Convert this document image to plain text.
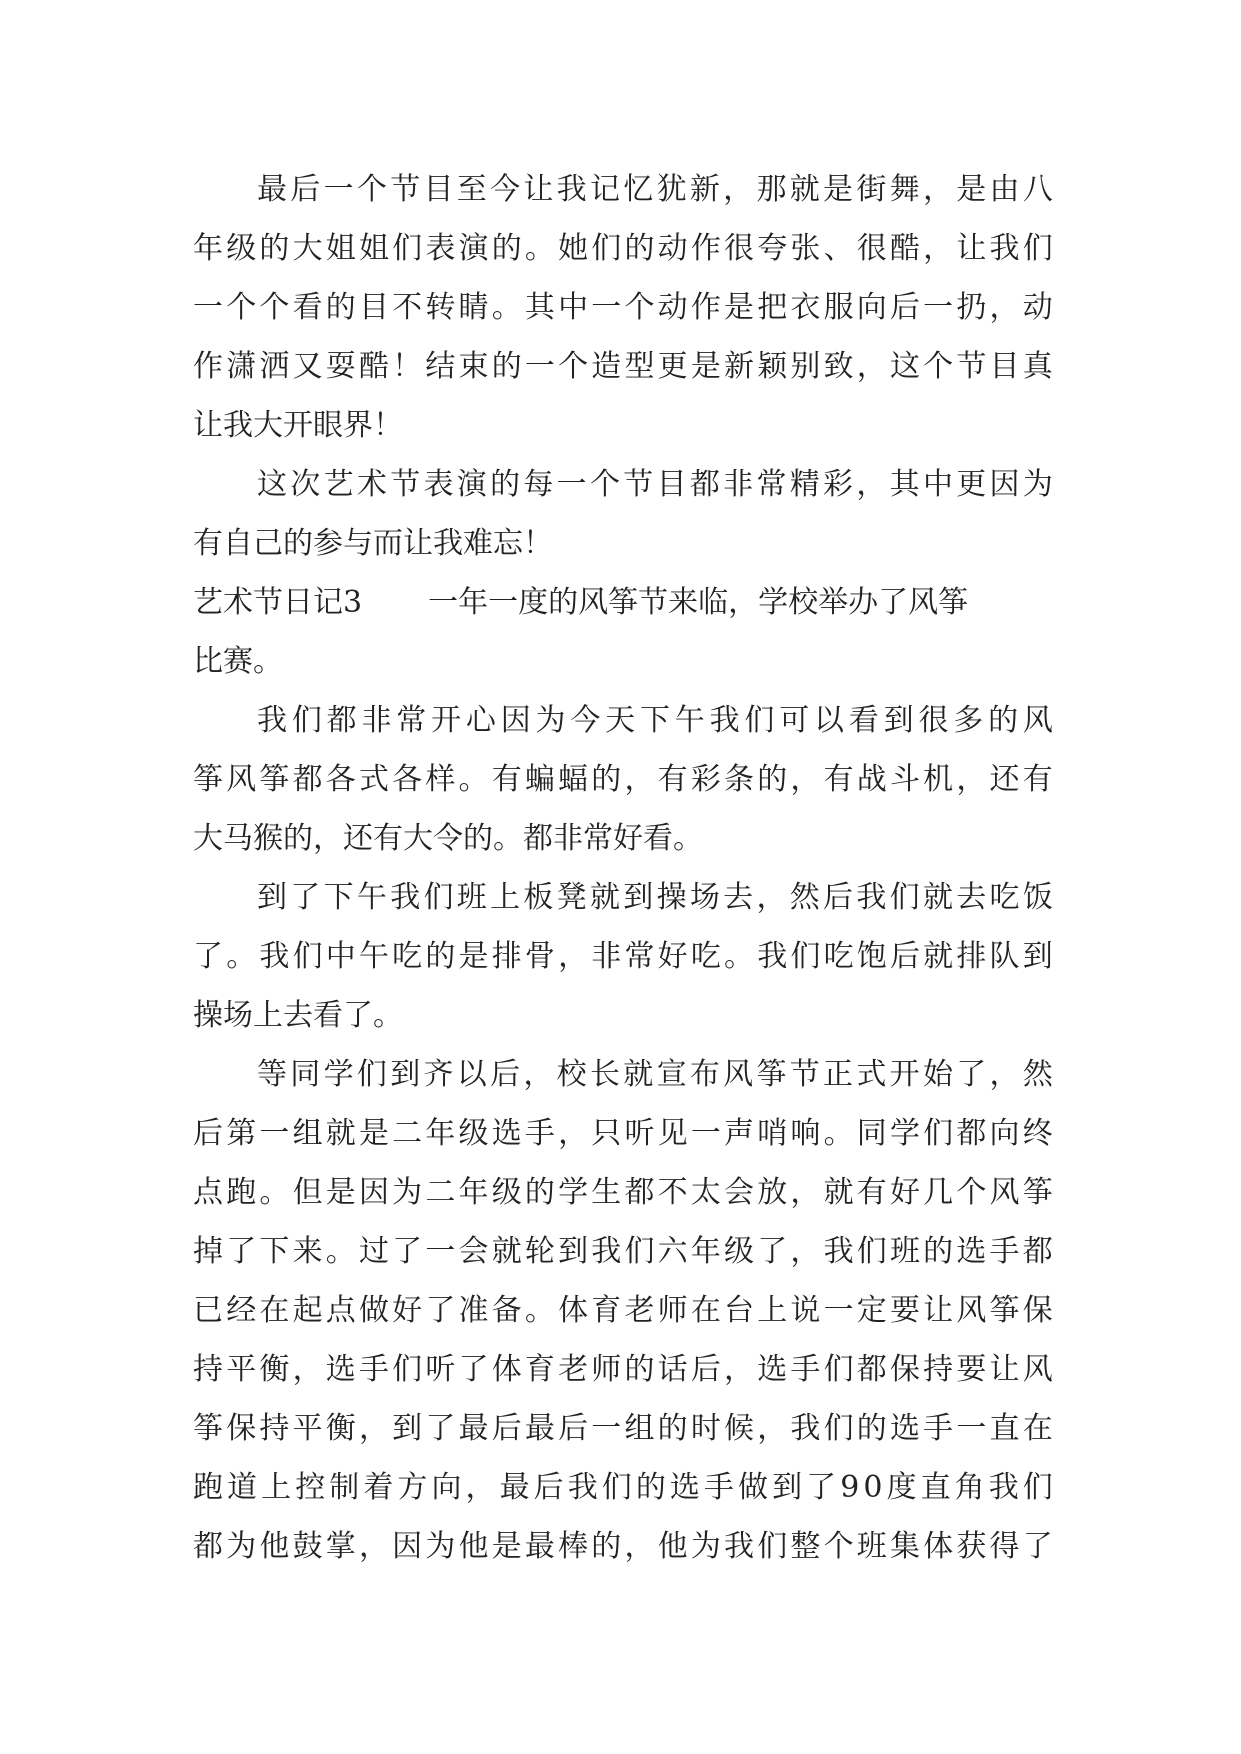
最 后 一 个 节 目 至 今 让 我 记 忆 犹 新 ， 那 就 是 街 舞 ， 是 由 八
年 级 的 大 姐 姐 们 表 演 的 。 她 们 的 动 作 很 夸 张 、 很 酷 ， 让 我 们
一 个 个 看 的 目 不 转 睛 。 其 中 一 个 动 作 是 把 衣 服 向 后 一 扔 ， 动
作 潇 洒 又 耍 酷 ！ 结 束 的 一 个 造 型 更 是 新 颖 别 致 ， 这 个 节 目 真
让我大开眼界！
这 次 艺 术 节 表 演 的 每 一 个 节 目 都 非 常 精 彩 ， 其 中 更 因 为
有自己的参与而让我难忘！
艺术节日记3 一年一度的风筝节来临，学校举办了风筝
比赛。
我 们 都 非 常 开 心 因 为 今 天 下 午 我 们 可 以 看 到 很 多 的 风
筝 风 筝 都 各 式 各 样 。 有 蝙 蝠 的 ， 有 彩 条 的 ， 有 战 斗 机 ， 还 有
大马猴的，还有大令的。都非常好看。
到 了 下 午 我 们 班 上 板 凳 就 到 操 场 去 ， 然 后 我 们 就 去 吃 饭
了 。 我 们 中 午 吃 的 是 排 骨 ， 非 常 好 吃 。 我 们 吃 饱 后 就 排 队 到
操场上去看了。
等 同 学 们 到 齐 以 后 ， 校 长 就 宣 布 风 筝 节 正 式 开 始 了 ， 然
后 第 一 组 就 是 二 年 级 选 手 ， 只 听 见 一 声 哨 响 。 同 学 们 都 向 终
点 跑 。 但 是 因 为 二 年 级 的 学 生 都 不 太 会 放 ， 就 有 好 几 个 风 筝
掉 了 下 来 。 过 了 一 会 就 轮 到 我 们 六 年 级 了 ， 我 们 班 的 选 手 都
已 经 在 起 点 做 好 了 准 备 。 体 育 老 师 在 台 上 说 一 定 要 让 风 筝 保
持 平 衡 ， 选 手 们 听 了 体 育 老 师 的 话 后 ， 选 手 们 都 保 持 要 让 风
筝 保 持 平 衡 ， 到 了 最 后 最 后 一 组 的 时 候 ， 我 们 的 选 手 一 直 在
跑 道 上 控 制 着 方 向 ， 最 后 我 们 的 选 手 做 到 了 9 0 度 直 角 我 们
都 为 他 鼓 掌 ， 因 为 他 是 最 棒 的 ， 他 为 我 们 整 个 班 集 体 获 得 了
